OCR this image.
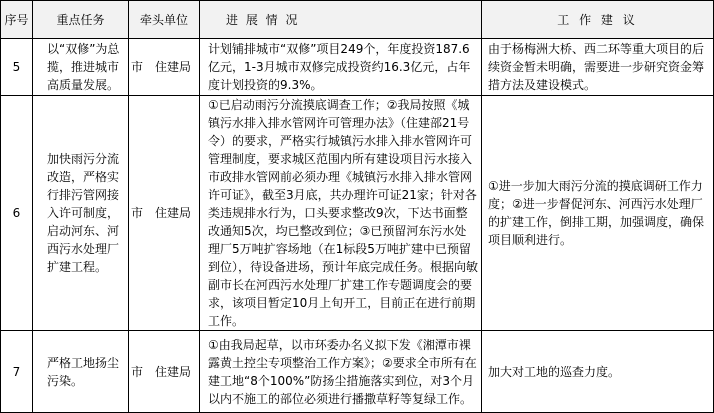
序号	重点任务	牵头单位	进 展 情 况	工 作 建 议
5	以“双修”为总揽，推进城市高质量发展。	市　住建局	计划铺排城市“双修”项目249个，年度投资187.6亿元，1-3月城市双修完成投资约16.3亿元，占年度计划投资的9.3%。	由于杨梅洲大桥、西二环等重大项目的后续资金暂未明确，需要进一步研究资金筹措方法及建设模式。
6	加快雨污分流改造，严格实行排污管网接入许可制度，启动河东、河西污水处理厂扩建工程。	市　住建局	①已启动雨污分流摸底调查工作；②我局按照《城镇污水排入排水管网许可管理办法》（住建部21号令）的要求，严格实行城镇污水排入排水管网许可管理制度，要求城区范围内所有建设项目污水接入市政排水管网前必须办理《城镇污水排入排水管网许可证》，截至3月底，共办理许可证21家；针对各类违规排水行为，口头要求整改9次，下达书面整改通知5次，均已整改到位；③已预留河东污水处理厂5万吨扩容场地（在1标段5万吨扩建中已预留到位），待设备进场，预计年底完成任务。根据向敏副市长在河西污水处理厂扩建工作专题调度会的要求，该项目暂定10月上旬开工，目前正在进行前期工作。	①进一步加大雨污分流的摸底调研工作力度；②进一步督促河东、河西污水处理厂的扩建工作，倒排工期，加强调度，确保项目顺利进行。
7	严格工地扬尘污染。	市　住建局	①由我局起草，以市环委办名义拟下发《湘潭市裸露黄土控尘专项整治工作方案》；②要求全市所有在建工地“8个100%”防扬尘措施落实到位，对3个月以内不施工的部位必须进行播撒草籽等复绿工作。	加大对工地的巡查力度。
